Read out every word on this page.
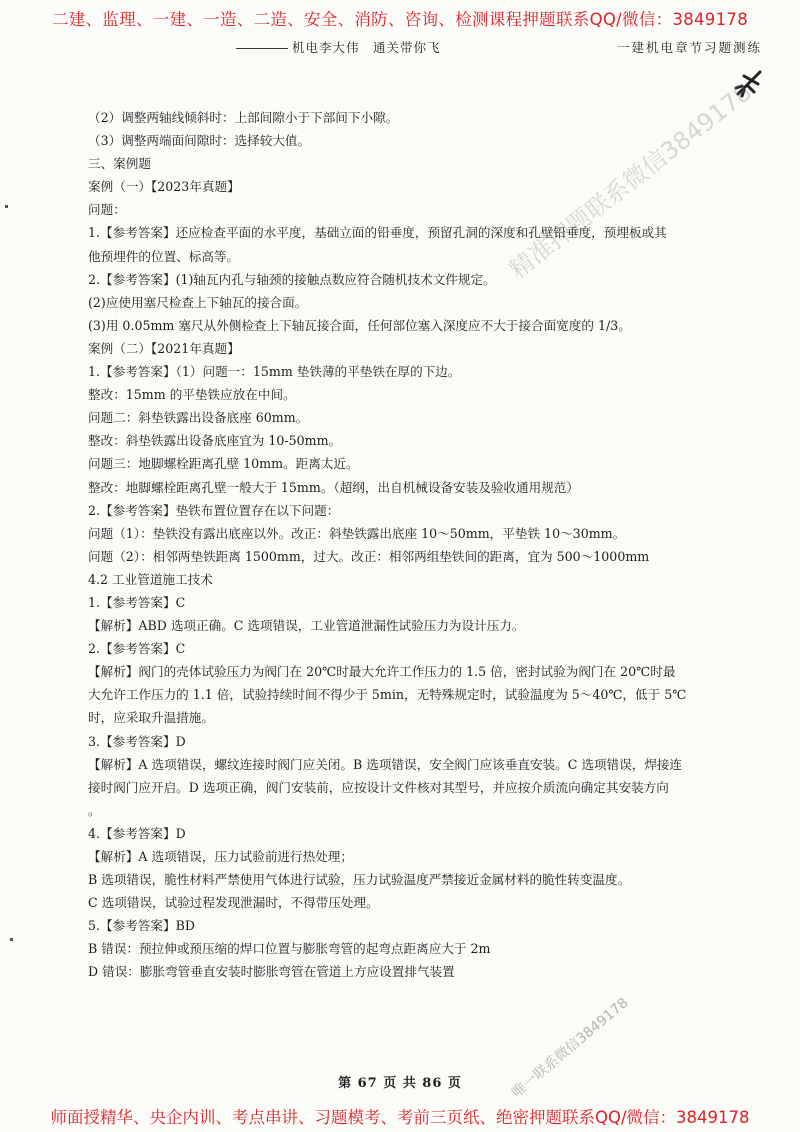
二建、监理、一建、一造、二造、安全、消防、咨询、检测课程押题联系QQ/微信：3849178
机电李大伟　通关带你飞	一建机电章节习题测练
精准押题联系微信3849178

（2）调整两轴线倾斜时：上部间隙小于下部间下小隙。

（3）调整两端面间隙时：选择较大值。

三、案例题

案例（一）【2023年真题】

问题：

1.【参考答案】还应检查平面的水平度，基础立面的铅垂度，预留孔洞的深度和孔壁铅垂度，预埋板或其

他预埋件的位置、标高等。

2.【参考答案】(1)轴瓦内孔与轴颈的接触点数应符合随机技术文件规定。

(2)应使用塞尺检查上下轴瓦的接合面。

(3)用 0.05mm 塞尺从外侧检查上下轴瓦接合面，任何部位塞入深度应不大于接合面宽度的 1/3。

案例（二）【2021年真题】

1.【参考答案】（1）问题一：15mm 垫铁薄的平垫铁在厚的下边。

整改：15mm 的平垫铁应放在中间。

问题二：斜垫铁露出设备底座 60mm。

整改：斜垫铁露出设备底座宜为 10-50mm。

问题三：地脚螺栓距离孔壁 10mm。距离太近。

整改：地脚螺栓距离孔壁一般大于 15mm。（超纲，出自机械设备安装及验收通用规范）

2.【参考答案】垫铁布置位置存在以下问题：

问题（1）：垫铁没有露出底座以外。改正：斜垫铁露出底座 10～50mm，平垫铁 10～30mm。

问题（2）：相邻两垫铁距离 1500mm，过大。改正：相邻两组垫铁间的距离，宜为 500～1000mm

4.2 工业管道施工技术

1.【参考答案】C

【解析】ABD 选项正确。C 选项错误，工业管道泄漏性试验压力为设计压力。

2.【参考答案】C

【解析】阀门的壳体试验压力为阀门在 20℃时最大允许工作压力的 1.5 倍，密封试验为阀门在 20℃时最

大允许工作压力的 1.1 倍，试验持续时间不得少于 5min，无特殊规定时，试验温度为 5～40℃，低于 5℃

时，应采取升温措施。

3.【参考答案】D

【解析】A 选项错误，螺纹连接时阀门应关闭。B 选项错误，安全阀门应该垂直安装。C 选项错误，焊接连

接时阀门应开启。D 选项正确，阀门安装前，应按设计文件核对其型号，并应按介质流向确定其安装方向

。

4.【参考答案】D

【解析】A 选项错误，压力试验前进行热处理；

B 选项错误，脆性材料严禁使用气体进行试验，压力试验温度严禁接近金属材料的脆性转变温度。

C 选项错误，试验过程发现泄漏时，不得带压处理。

5.【参考答案】BD

B 错误：预拉伸或预压缩的焊口位置与膨胀弯管的起弯点距离应大于 2m

D 错误：膨胀弯管垂直安装时膨胀弯管在管道上方应设置排气装置

第 67 页 共 86 页	唯一联系微信3849178
师面授精华、央企内训、考点串讲、习题模考、考前三页纸、绝密押题联系QQ/微信：3849178
